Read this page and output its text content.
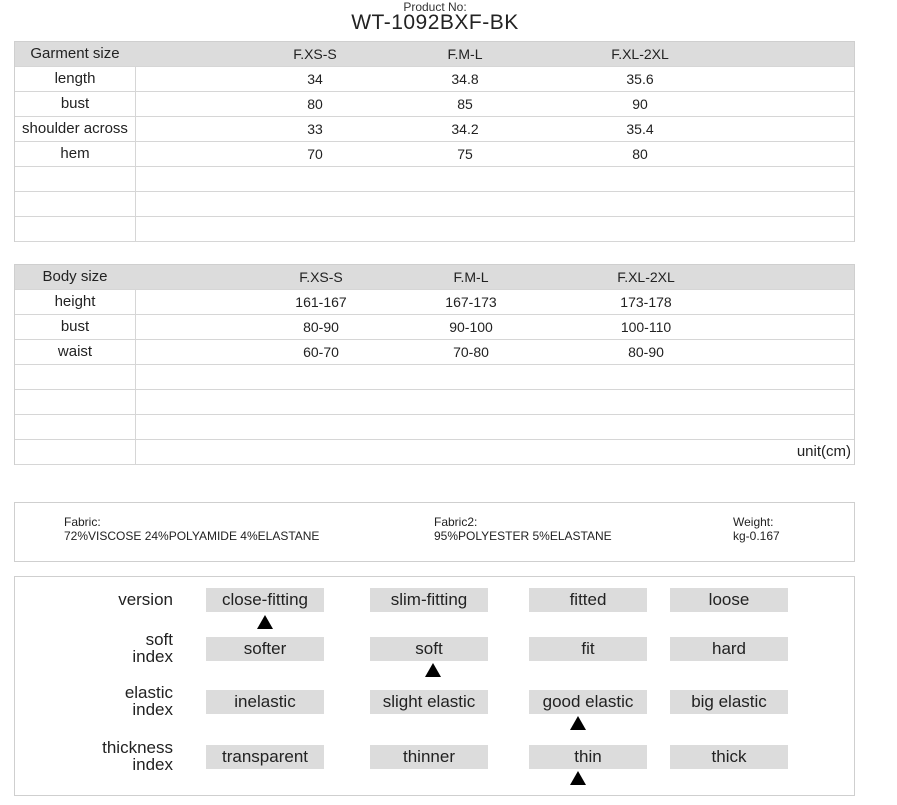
Product No:
WT-1092BXF-BK
Garment size	F.XS-S	F.M-L	F.XL-2XL
length	34	34.8	35.6
bust	80	85	90
shoulder across	33	34.2	35.4
hem	70	75	80
Body size	F.XS-S	F.M-L	F.XL-2XL
height	161-167	167-173	173-178
bust	80-90	90-100	100-110
waist	60-70	70-80	80-90
unit(cm)
Fabric:
72%VISCOSE 24%POLYAMIDE 4%ELASTANE
Fabric2:
95%POLYESTER 5%ELASTANE
Weight:
kg-0.167
version	close-fitting	slim-fitting	fitted	loose
soft
index	softer	soft	fit	hard
elastic
index	inelastic	slight elastic	good elastic	big elastic
thickness
index	transparent	thinner	thin	thick
